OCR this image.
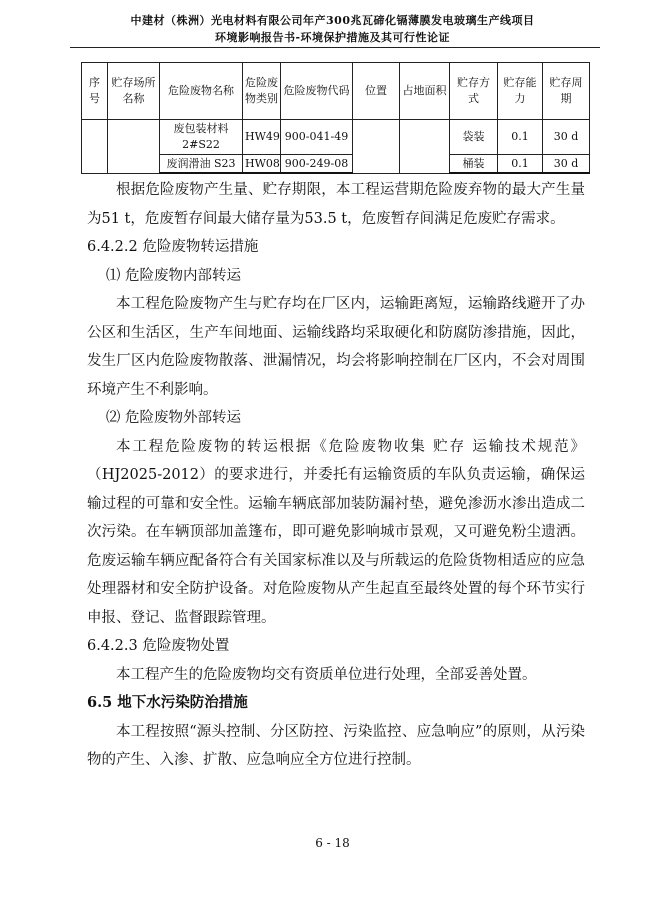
中建材（株洲）光电材料有限公司年产300兆瓦碲化镉薄膜发电玻璃生产线项目
环境影响报告书-环境保护措施及其可行性论证
序号	贮存场所名称	危险废物名称	危险废物类别	危险废物代码	位置	占地面积	贮存方式	贮存能力	贮存周期
		废包装材料2#S22	HW49	900-041-49			袋装	0.1	30 d
		废润滑油 S23	HW08	900-249-08			桶装	0.1	30 d

根据危险废物产生量、贮存期限，本工程运营期危险废弃物的最大产生量为51 t，危废暂存间最大储存量为53.5 t，危废暂存间满足危废贮存需求。

6.4.2.2 危险废物转运措施

⑴ 危险废物内部转运

本工程危险废物产生与贮存均在厂区内，运输距离短，运输路线避开了办公区和生活区，生产车间地面、运输线路均采取硬化和防腐防渗措施，因此，发生厂区内危险废物散落、泄漏情况，均会将影响控制在厂区内，不会对周围环境产生不利影响。

⑵ 危险废物外部转运

本工程危险废物的转运根据《危险废物收集 贮存 运输技术规范》（HJ2025-2012）的要求进行，并委托有运输资质的车队负责运输，确保运输过程的可靠和安全性。运输车辆底部加装防漏衬垫，避免渗沥水渗出造成二次污染。在车辆顶部加盖篷布，即可避免影响城市景观，又可避免粉尘遗洒。危废运输车辆应配备符合有关国家标准以及与所载运的危险货物相适应的应急处理器材和安全防护设备。对危险废物从产生起直至最终处置的每个环节实行申报、登记、监督跟踪管理。

6.4.2.3 危险废物处置

本工程产生的危险废物均交有资质单位进行处理，全部妥善处置。

6.5 地下水污染防治措施

本工程按照“源头控制、分区防控、污染监控、应急响应”的原则，从污染物的产生、入渗、扩散、应急响应全方位进行控制。

6 - 18
